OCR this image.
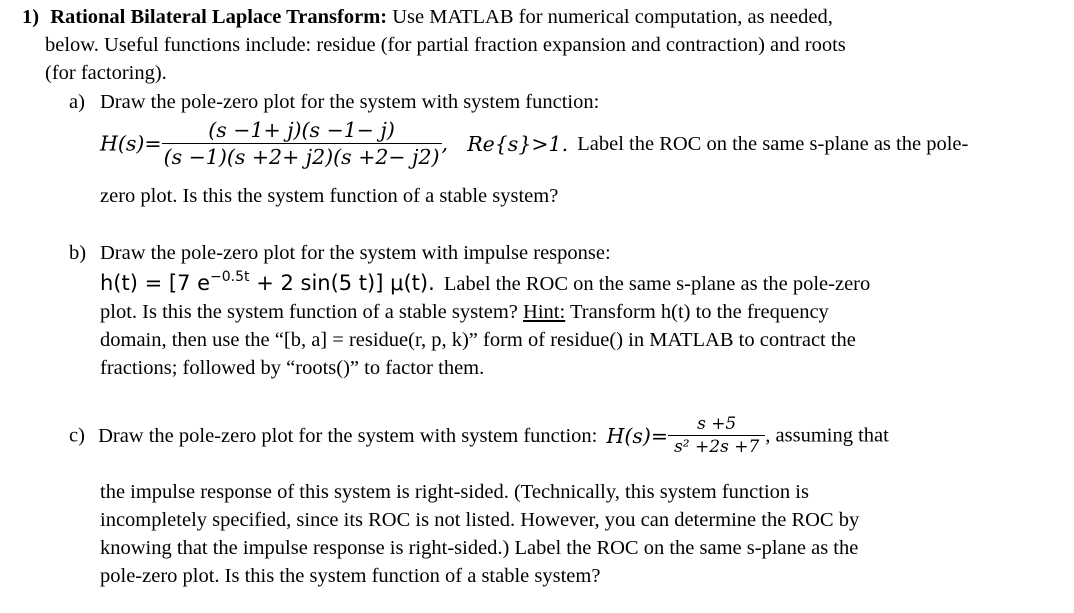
1) Rational Bilateral Laplace Transform: Use MATLAB for numerical computation, as needed,
below. Useful functions include: residue (for partial fraction expansion and contraction) and roots
(for factoring).
a) Draw the pole-zero plot for the system with system function:
$H(s)= \frac{(s -1+ j)(s -1- j)}{(s -1)(s +2+ j2)(s +2- j2)}$ , Re{s}>1. Label the ROC on the same s-plane as the pole-
zero plot. Is this the system function of a stable system?
b) Draw the pole-zero plot for the system with impulse response:
h(t) = [7 $e^{-0.5t} + 2$ sin(5 t)] μ(t). Label the ROC on the same s-plane as the pole-zero
plot. Is this the system function of a stable system? Hint: Transform h(t) to the frequency
domain, then use the “[b, a] = residue(r, p, k)” form of residue() in MATLAB to contract the
fractions; followed by “roots()” to factor them.
c) Draw the pole-zero plot for the system with system function: $H(s)= \frac{s +5}{\text{s² +2s +7}}$ , assuming that
the impulse response of this system is right-sided. (Technically, this system function is
incompletely specified, since its ROC is not listed. However, you can determine the ROC by
knowing that the impulse response is right-sided.) Label the ROC on the same s-plane as the
pole-zero plot. Is this the system function of a stable system?
